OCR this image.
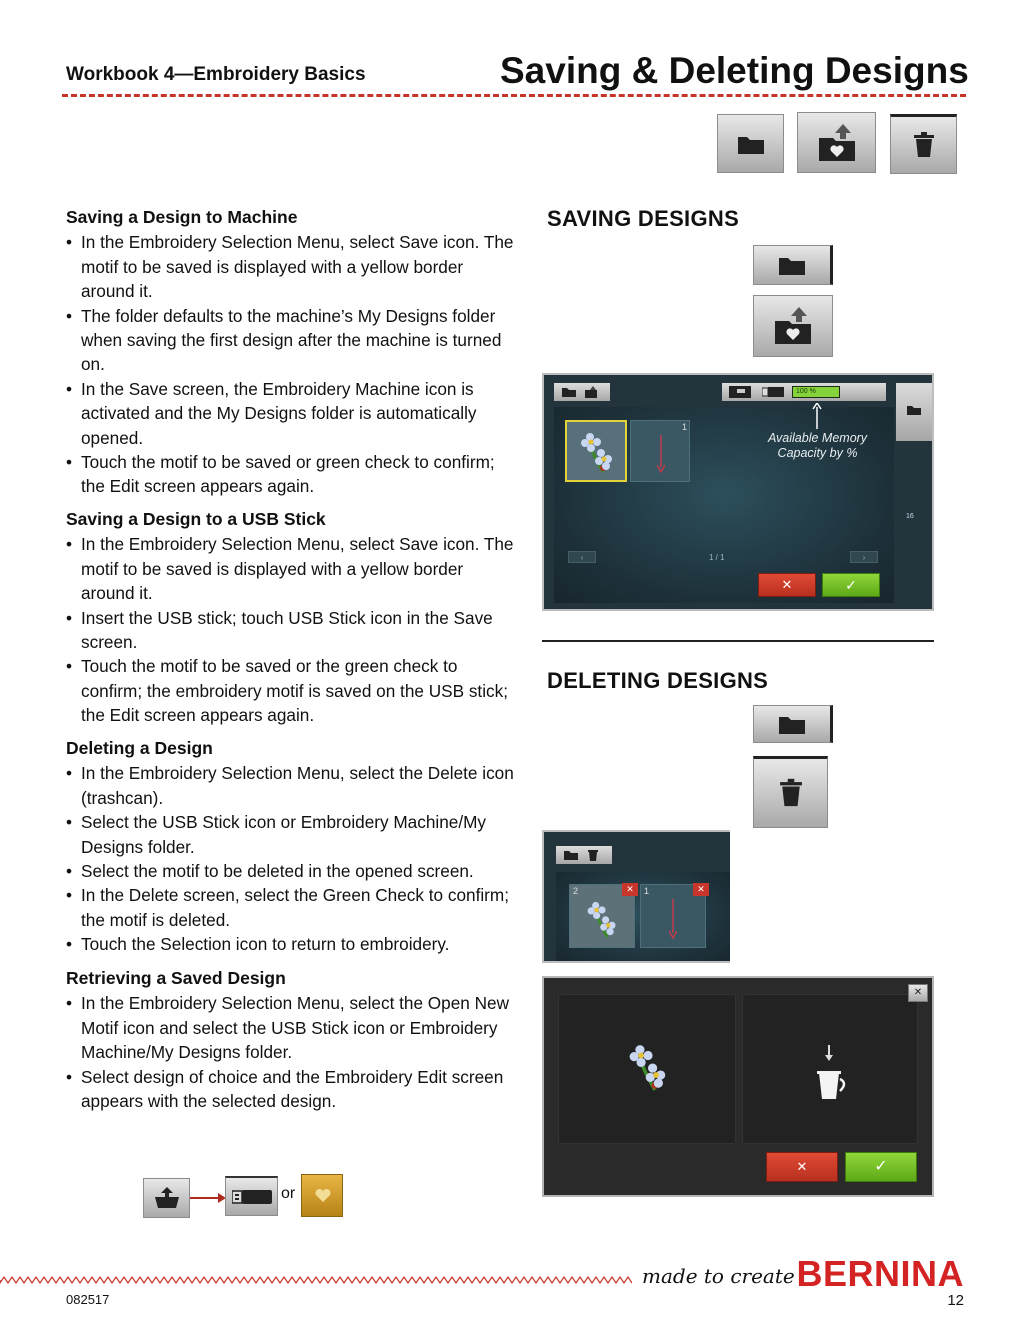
Workbook 4—Embroidery Basics	Saving & Deleting Designs
Saving a Design to Machine
• In the Embroidery Selection Menu, select Save icon. The motif to be saved is displayed with a yellow border around it.
• The folder defaults to the machine’s My Designs folder when saving the first design after the machine is turned on.
• In the Save screen, the Embroidery Machine icon is activated and the My Designs folder is automatically opened.
• Touch the motif to be saved or green check to confirm; the Edit screen appears again.
Saving a Design to a USB Stick
• In the Embroidery Selection Menu, select Save icon. The motif to be saved is displayed with a yellow border around it.
• Insert the USB stick; touch USB Stick icon in the Save screen.
• Touch the motif to be saved or the green check to confirm; the embroidery motif is saved on the USB stick; the Edit screen appears again.
Deleting a Design
• In the Embroidery Selection Menu, select the Delete icon (trashcan).
• Select the USB Stick icon or Embroidery Machine/My Designs folder.
• Select the motif to be deleted in the opened screen.
• In the Delete screen, select the Green Check to confirm; the motif is deleted.
• Touch the Selection icon to return to embroidery.
Retrieving a Saved Design
• In the Embroidery Selection Menu, select the Open New Motif icon and select the USB Stick icon or Embroidery Machine/My Designs folder.
• Select design of choice and the Embroidery Edit screen appears with the selected design.
or
SAVING DESIGNS
100 %
1
‹	1 / 1	›
✕	✓
16
Available Memory Capacity by %
DELETING DESIGNS
2	✕	1	✕
✕
✕	✓
made to create BERNINA
082517	12
